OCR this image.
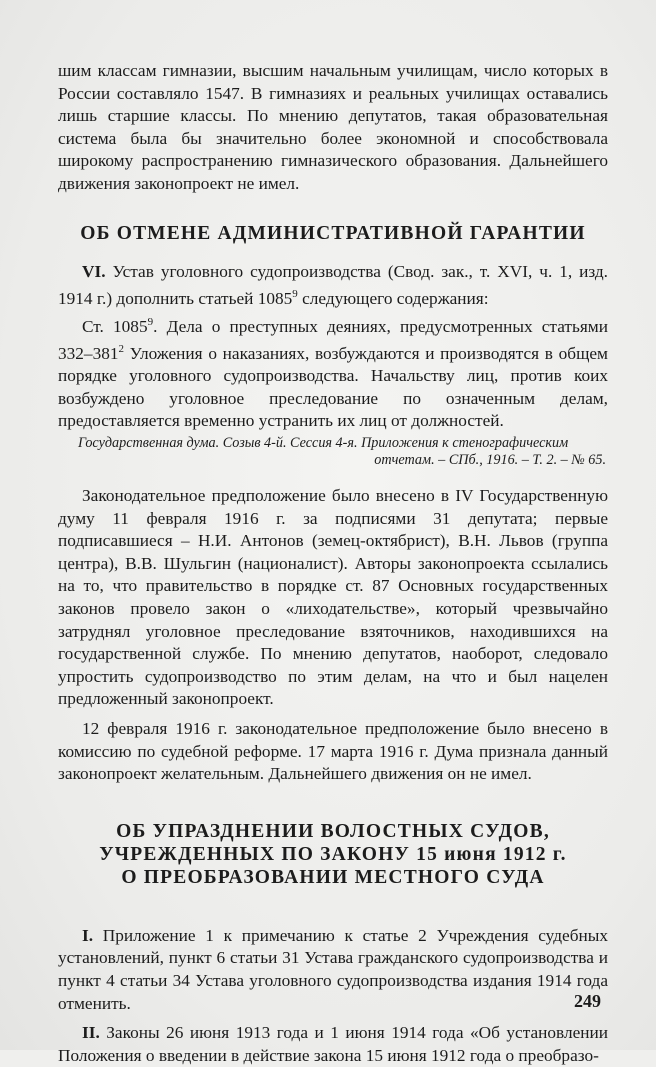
шим классам гимназии, высшим начальным училищам, число которых в России составляло 1547. В гимназиях и реальных училищах оставались лишь старшие классы. По мнению депутатов, такая образовательная система была бы значительно более экономной и способствовала широкому распространению гимназического образования. Дальнейшего движения законопроект не имел.

ОБ ОТМЕНЕ АДМИНИСТРАТИВНОЙ ГАРАНТИИ

VI. Устав уголовного судопроизводства (Свод. зак., т. XVI, ч. 1, изд. 1914 г.) дополнить статьей 1085$^9$ следующего содержания:

Ст. 1085$^9$. Дела о преступных деяниях, предусмотренных статьями $332-381^2$ Уложения о наказаниях, возбуждаются и производятся в общем порядке уголовного судопроизводства. Начальству лиц, против коих возбуждено уголовное преследование по означенным делам, предоставляется временно устранить их лиц от должностей.

Государственная дума. Созыв 4-й. Сессия 4-я. Приложения к стенографическим
отчетам. – СПб., 1916. – Т. 2. – № 65.

Законодательное предположение было внесено в IV Государственную думу 11 февраля 1916 г. за подписями 31 депутата; первые подписавшиеся – Н.И. Антонов (земец-октябрист), В.Н. Львов (группа центра), В.В. Шульгин (националист). Авторы законопроекта ссылались на то, что правительство в порядке ст. 87 Основных государственных законов провело закон о «лиходательстве», который чрезвычайно затруднял уголовное преследование взяточников, находившихся на государственной службе. По мнению депутатов, наоборот, следовало упростить судопроизводство по этим делам, на что и был нацелен предложенный законопроект.

12 февраля 1916 г. законодательное предположение было внесено в комиссию по судебной реформе. 17 марта 1916 г. Дума признала данный законопроект желательным. Дальнейшего движения он не имел.

ОБ УПРАЗДНЕНИИ ВОЛОСТНЫХ СУДОВ,
УЧРЕЖДЕННЫХ ПО ЗАКОНУ 15 июня 1912 г.
О ПРЕОБРАЗОВАНИИ МЕСТНОГО СУДА

I. Приложение 1 к примечанию к статье 2 Учреждения судебных установлений, пункт 6 статьи 31 Устава гражданского судопроизводства и пункт 4 статьи 34 Устава уголовного судопроизводства издания 1914 года отменить.

II. Законы 26 июня 1913 года и 1 июня 1914 года «Об установлении Положения о введении в действие закона 15 июня 1912 года о преобразо-

249
